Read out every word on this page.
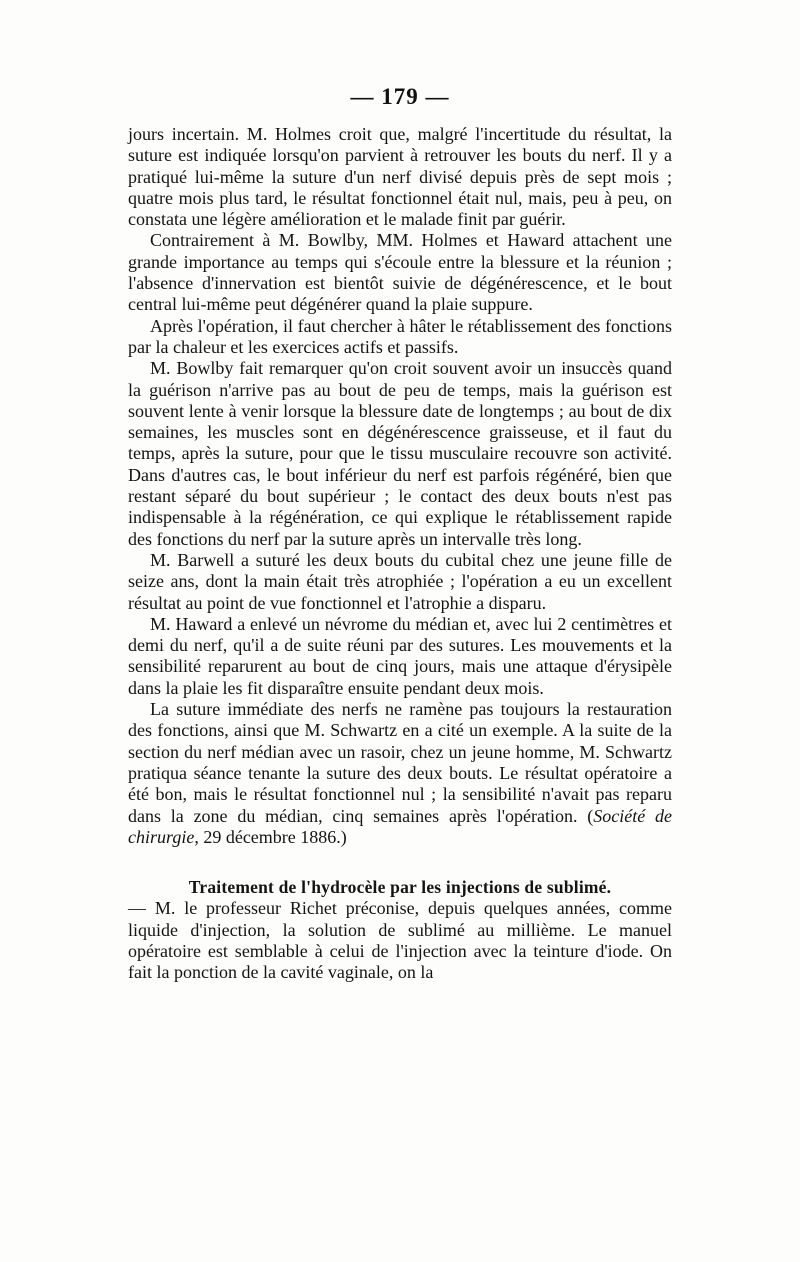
— 179 —

jours incertain. M. Holmes croit que, malgré l'incertitude du résultat, la suture est indiquée lorsqu'on parvient à retrouver les bouts du nerf. Il y a pratiqué lui-même la suture d'un nerf divisé depuis près de sept mois ; quatre mois plus tard, le résultat fonctionnel était nul, mais, peu à peu, on constata une légère amélioration et le malade finit par guérir.

Contrairement à M. Bowlby, MM. Holmes et Haward attachent une grande importance au temps qui s'écoule entre la blessure et la réunion ; l'absence d'innervation est bientôt suivie de dégénérescence, et le bout central lui-même peut dégénérer quand la plaie suppure.

Après l'opération, il faut chercher à hâter le rétablissement des fonctions par la chaleur et les exercices actifs et passifs.

M. Bowlby fait remarquer qu'on croit souvent avoir un insuccès quand la guérison n'arrive pas au bout de peu de temps, mais la guérison est souvent lente à venir lorsque la blessure date de longtemps ; au bout de dix semaines, les muscles sont en dégénérescence graisseuse, et il faut du temps, après la suture, pour que le tissu musculaire recouvre son activité. Dans d'autres cas, le bout inférieur du nerf est parfois régénéré, bien que restant séparé du bout supérieur ; le contact des deux bouts n'est pas indispensable à la régénération, ce qui explique le rétablissement rapide des fonctions du nerf par la suture après un intervalle très long.

M. Barwell a suturé les deux bouts du cubital chez une jeune fille de seize ans, dont la main était très atrophiée ; l'opération a eu un excellent résultat au point de vue fonctionnel et l'atrophie a disparu.

M. Haward a enlevé un névrome du médian et, avec lui 2 centimètres et demi du nerf, qu'il a de suite réuni par des sutures. Les mouvements et la sensibilité reparurent au bout de cinq jours, mais une attaque d'érysipèle dans la plaie les fit disparaître ensuite pendant deux mois.

La suture immédiate des nerfs ne ramène pas toujours la restauration des fonctions, ainsi que M. Schwartz en a cité un exemple. A la suite de la section du nerf médian avec un rasoir, chez un jeune homme, M. Schwartz pratiqua séance tenante la suture des deux bouts. Le résultat opératoire a été bon, mais le résultat fonctionnel nul ; la sensibilité n'avait pas reparu dans la zone du médian, cinq semaines après l'opération. (Société de chirurgie, 29 décembre 1886.)

Traitement de l'hydrocèle par les injections de sublimé.

— M. le professeur Richet préconise, depuis quelques années, comme liquide d'injection, la solution de sublimé au millième. Le manuel opératoire est semblable à celui de l'injection avec la teinture d'iode. On fait la ponction de la cavité vaginale, on la
